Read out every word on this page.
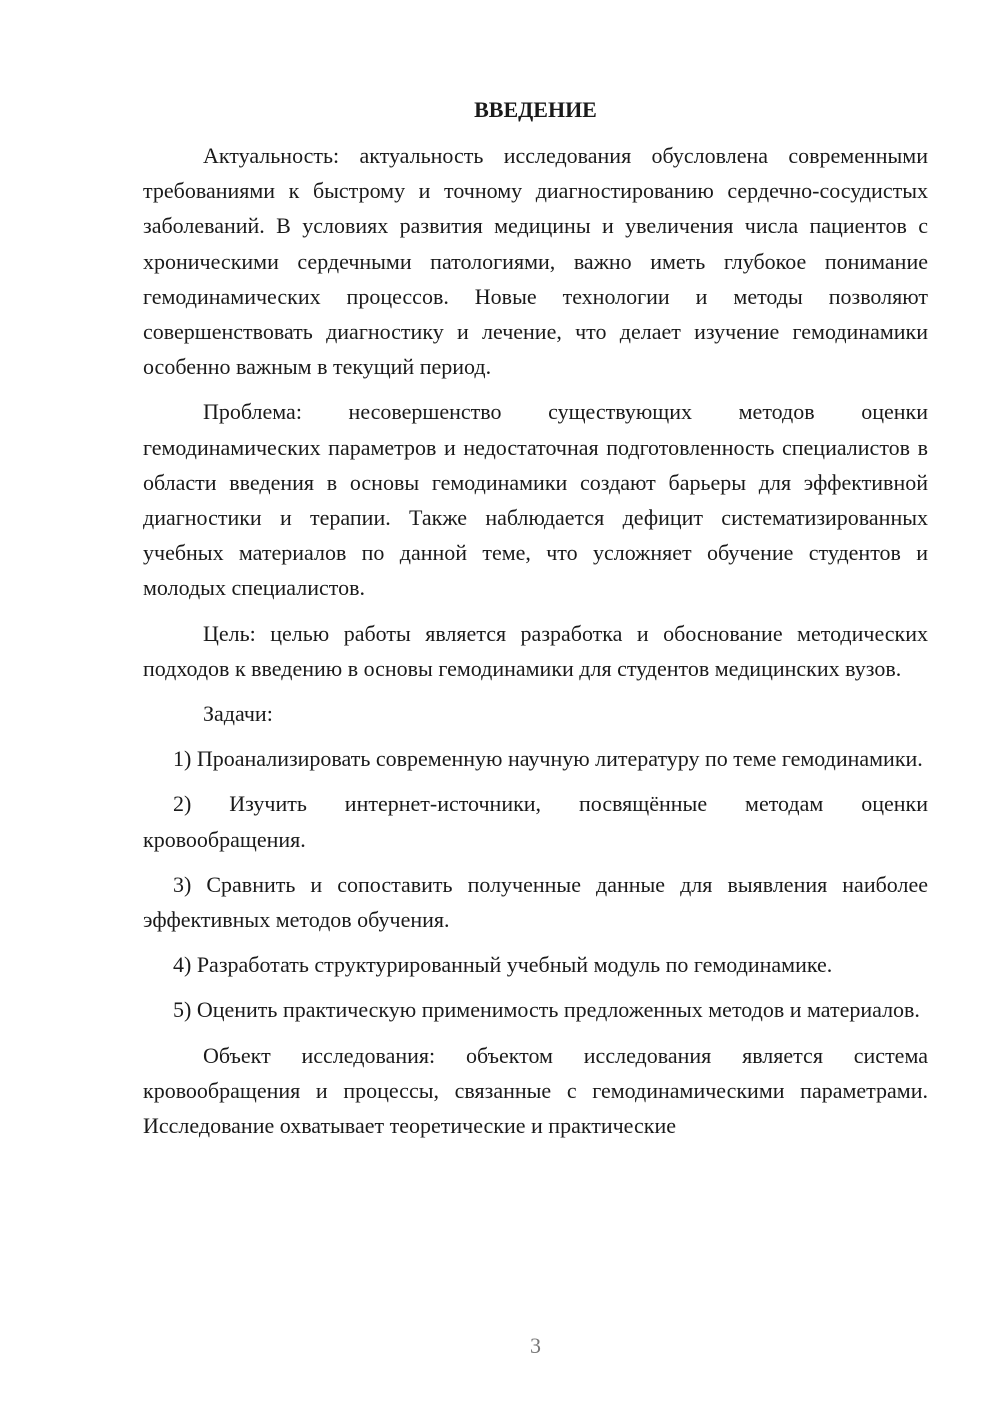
ВВЕДЕНИЕ

Актуальность: актуальность исследования обусловлена современными требованиями к быстрому и точному диагностированию сердечно-сосудистых заболеваний. В условиях развития медицины и увеличения числа пациентов с хроническими сердечными патологиями, важно иметь глубокое понимание гемодинамических процессов. Новые технологии и методы позволяют совершенствовать диагностику и лечение, что делает изучение гемодинамики особенно важным в текущий период.

Проблема: несовершенство существующих методов оценки гемодинамических параметров и недостаточная подготовленность специалистов в области введения в основы гемодинамики создают барьеры для эффективной диагностики и терапии. Также наблюдается дефицит систематизированных учебных материалов по данной теме, что усложняет обучение студентов и молодых специалистов.

Цель: целью работы является разработка и обоснование методических подходов к введению в основы гемодинамики для студентов медицинских вузов.

Задачи:

1) Проанализировать современную научную литературу по теме гемодинамики.

2) Изучить интернет-источники, посвящённые методам оценки кровообращения.

3) Сравнить и сопоставить полученные данные для выявления наиболее эффективных методов обучения.

4) Разработать структурированный учебный модуль по гемодинамике.

5) Оценить практическую применимость предложенных методов и материалов.

Объект исследования: объектом исследования является система кровообращения и процессы, связанные с гемодинамическими параметрами. Исследование охватывает теоретические и практические

3
